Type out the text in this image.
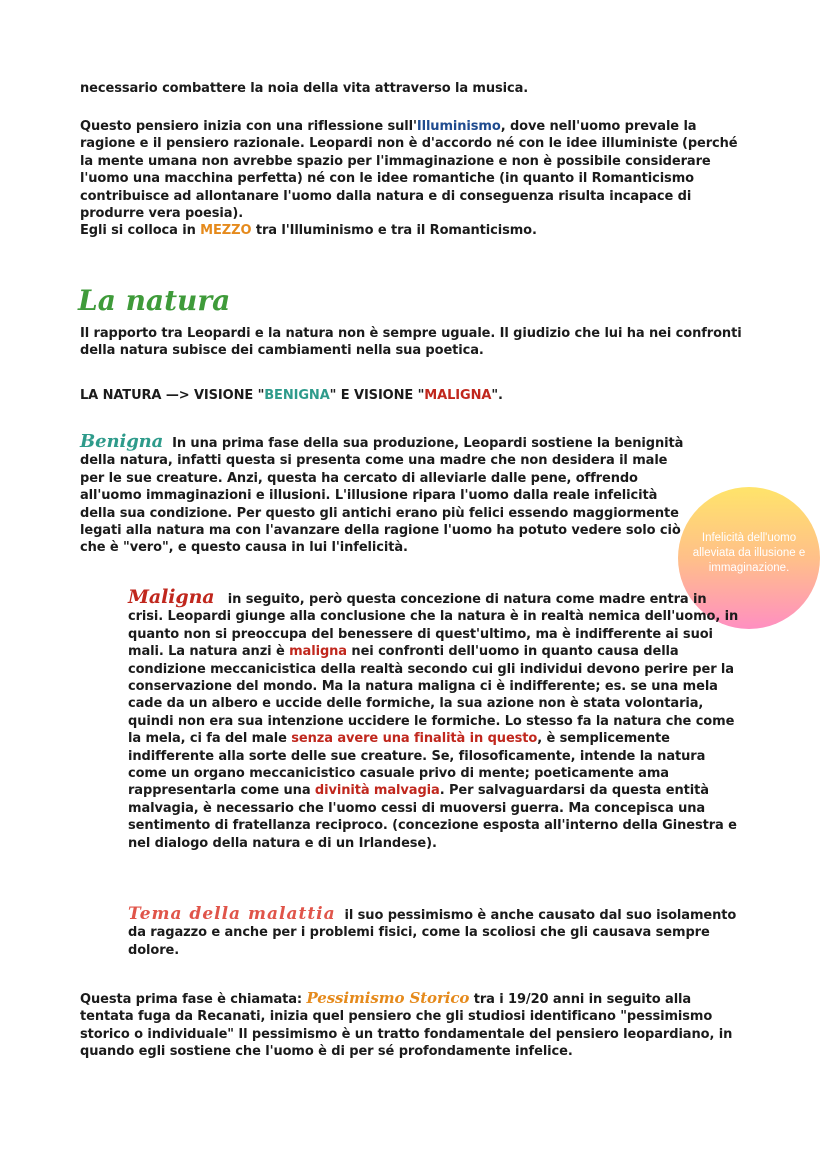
necessario combattere la noia della vita attraverso la musica.
Questo pensiero inizia con una riflessione sull'Illuminismo, dove nell'uomo prevale la ragione e il pensiero razionale. Leopardi non è d'accordo né con le idee illuministe (perché la mente umana non avrebbe spazio per l'immaginazione e non è possibile considerare l'uomo una macchina perfetta) né con le idee romantiche (in quanto il Romanticismo contribuisce ad allontanare l'uomo dalla natura e di conseguenza risulta incapace di produrre vera poesia).
Egli si colloca in MEZZO tra l'Illuminismo e tra il Romanticismo.
La natura
Il rapporto tra Leopardi e la natura non è sempre uguale. Il giudizio che lui ha nei confronti della natura subisce dei cambiamenti nella sua poetica.
LA NATURA —> VISIONE "BENIGNA" E VISIONE "MALIGNA".
Benigna In una prima fase della sua produzione, Leopardi sostiene la benignità della natura, infatti questa si presenta come una madre che non desidera il male per le sue creature. Anzi, questa ha cercato di alleviarle dalle pene, offrendo all'uomo immaginazioni e illusioni. L'illusione ripara l'uomo dalla reale infelicità della sua condizione. Per questo gli antichi erano più felici essendo maggiormente legati alla natura ma con l'avanzare della ragione l'uomo ha potuto vedere solo ciò che è "vero", e questo causa in lui l'infelicità.
Infelicità dell'uomo alleviata da illusione e immaginazione.
Maligna in seguito, però questa concezione di natura come madre entra in crisi. Leopardi giunge alla conclusione che la natura è in realtà nemica dell'uomo, in quanto non si preoccupa del benessere di quest'ultimo, ma è indifferente ai suoi mali. La natura anzi è maligna nei confronti dell'uomo in quanto causa della condizione meccanicistica della realtà secondo cui gli individui devono perire per la conservazione del mondo. Ma la natura maligna ci è indifferente; es. se una mela cade da un albero e uccide delle formiche, la sua azione non è stata volontaria, quindi non era sua intenzione uccidere le formiche. Lo stesso fa la natura che come la mela, ci fa del male senza avere una finalità in questo, è semplicemente indifferente alla sorte delle sue creature. Se, filosoficamente, intende la natura come un organo meccanicistico casuale privo di mente; poeticamente ama rappresentarla come una divinità malvagia. Per salvaguardarsi da questa entità malvagia, è necessario che l'uomo cessi di muoversi guerra. Ma concepisca una sentimento di fratellanza reciproco. (concezione esposta all'interno della Ginestra e nel dialogo della natura e di un Irlandese).
Tema della malattia il suo pessimismo è anche causato dal suo isolamento da ragazzo e anche per i problemi fisici, come la scoliosi che gli causava sempre dolore.
Questa prima fase è chiamata: Pessimismo Storico tra i 19/20 anni in seguito alla tentata fuga da Recanati, inizia quel pensiero che gli studiosi identificano "pessimismo storico o individuale" Il pessimismo è un tratto fondamentale del pensiero leopardiano, in quando egli sostiene che l'uomo è di per sé profondamente infelice.
